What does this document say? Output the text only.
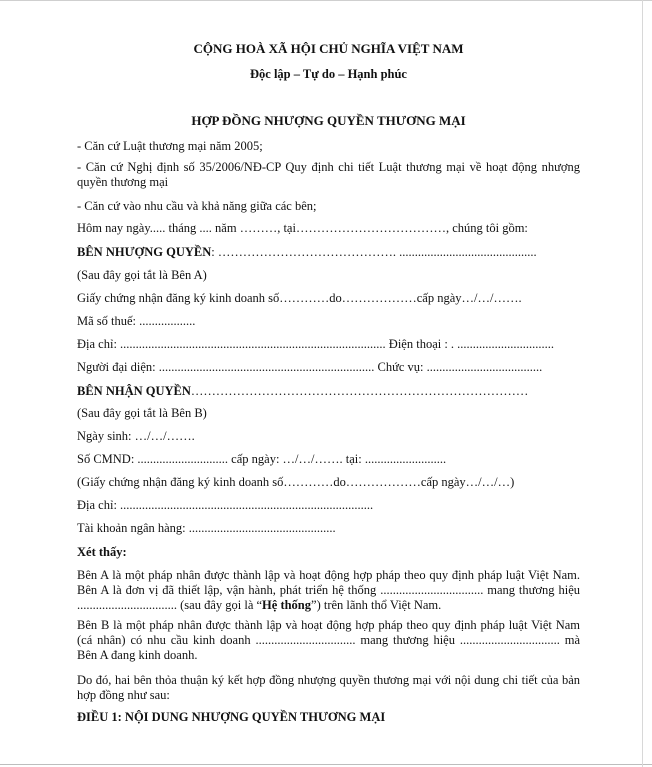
CỘNG HOÀ XÃ HỘI CHỦ NGHĨA VIỆT NAM
Độc lập – Tự do – Hạnh phúc
HỢP ĐỒNG NHƯỢNG QUYỀN THƯƠNG MẠI
- Căn cứ Luật thương mại năm 2005;
- Căn cứ Nghị định số 35/2006/NĐ-CP Quy định chi tiết Luật thương mại về hoạt động nhượng quyền thương mại
- Căn cứ vào nhu cầu và khả năng giữa các bên;
Hôm nay ngày..... tháng .... năm ………, tại………………………………, chúng tôi gồm:
BÊN NHƯỢNG QUYỀN: ……………………………………. ............................................
(Sau đây gọi tắt là Bên A)
Giấy chứng nhận đăng ký kinh doanh số…………do………………cấp ngày…/…/…….
Mã số thuế: ..................
Địa chỉ: ..................................................................................... Điện thoại : . ...............................
Người đại diện: ..................................................................... Chức vụ: .....................................
BÊN NHẬN QUYỀN………………………………………………………………………
(Sau đây gọi tắt là Bên B)
Ngày sinh: …/…/…….
Số CMND: ............................. cấp ngày: …/…/……. tại: ..........................
(Giấy chứng nhận đăng ký kinh doanh số…………do………………cấp ngày…/…/…)
Địa chỉ: .................................................................................
Tài khoản ngân hàng: ...............................................
Xét thấy:
Bên A là một pháp nhân được thành lập và hoạt động hợp pháp theo quy định pháp luật Việt Nam. Bên A là đơn vị đã thiết lập, vận hành, phát triển hệ thống ................................. mang thương hiệu ................................ (sau đây gọi là “Hệ thống”) trên lãnh thổ Việt Nam.
Bên B là một pháp nhân được thành lập và hoạt động hợp pháp theo quy định pháp luật Việt Nam (cá nhân) có nhu cầu kinh doanh ................................ mang thương hiệu ................................ mà Bên A đang kinh doanh.
Do đó, hai bên thỏa thuận ký kết hợp đồng nhượng quyền thương mại với nội dung chi tiết của bản hợp đồng như sau:
ĐIỀU 1: NỘI DUNG NHƯỢNG QUYỀN THƯƠNG MẠI
